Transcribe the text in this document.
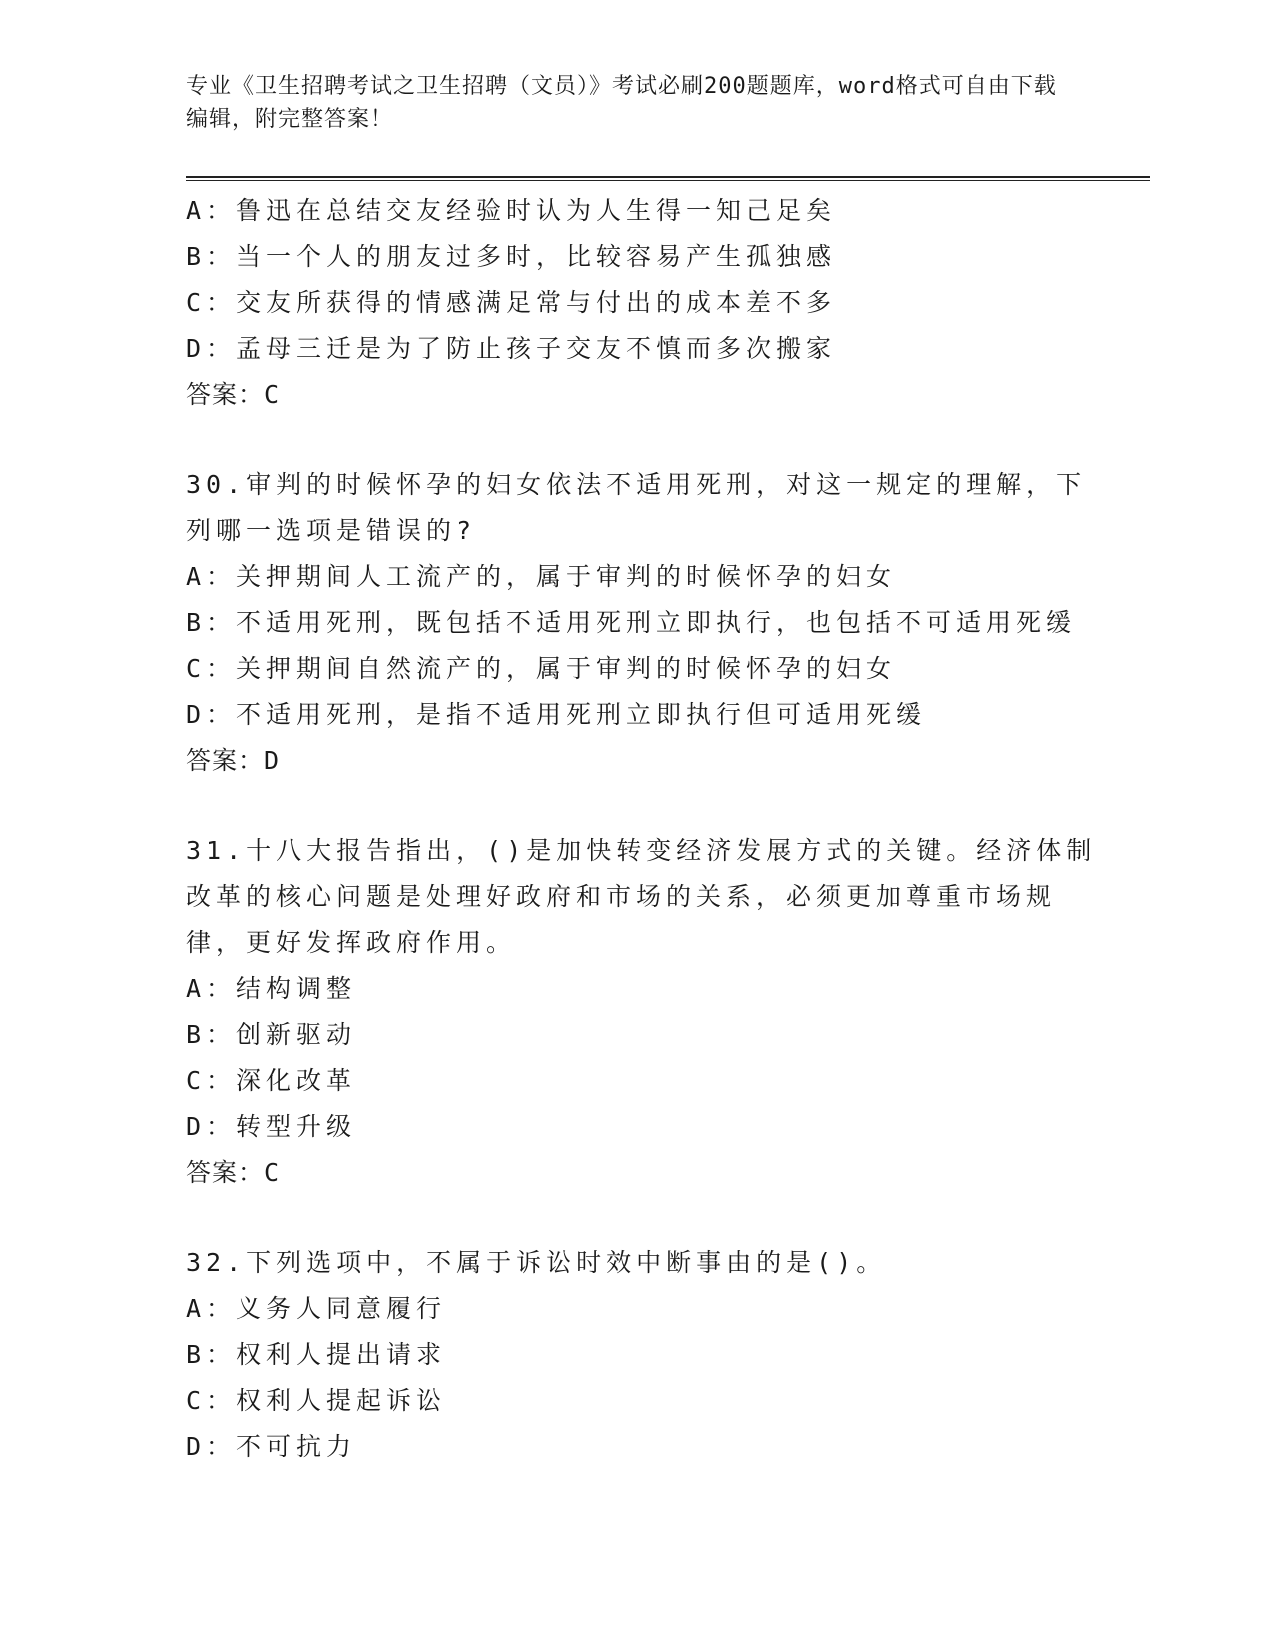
专业《卫生招聘考试之卫生招聘（文员）》考试必刷200题题库，word格式可自由下载编辑，附完整答案！
A：鲁迅在总结交友经验时认为人生得一知己足矣
B：当一个人的朋友过多时，比较容易产生孤独感
C：交友所获得的情感满足常与付出的成本差不多
D：孟母三迁是为了防止孩子交友不慎而多次搬家
答案：C
30.审判的时候怀孕的妇女依法不适用死刑，对这一规定的理解，下列哪一选项是错误的?
A：关押期间人工流产的，属于审判的时候怀孕的妇女
B：不适用死刑，既包括不适用死刑立即执行，也包括不可适用死缓
C：关押期间自然流产的，属于审判的时候怀孕的妇女
D：不适用死刑，是指不适用死刑立即执行但可适用死缓
答案：D
31.十八大报告指出，()是加快转变经济发展方式的关键。经济体制改革的核心问题是处理好政府和市场的关系，必须更加尊重市场规律，更好发挥政府作用。
A：结构调整
B：创新驱动
C：深化改革
D：转型升级
答案：C
32.下列选项中，不属于诉讼时效中断事由的是()。
A：义务人同意履行
B：权利人提出请求
C：权利人提起诉讼
D：不可抗力
